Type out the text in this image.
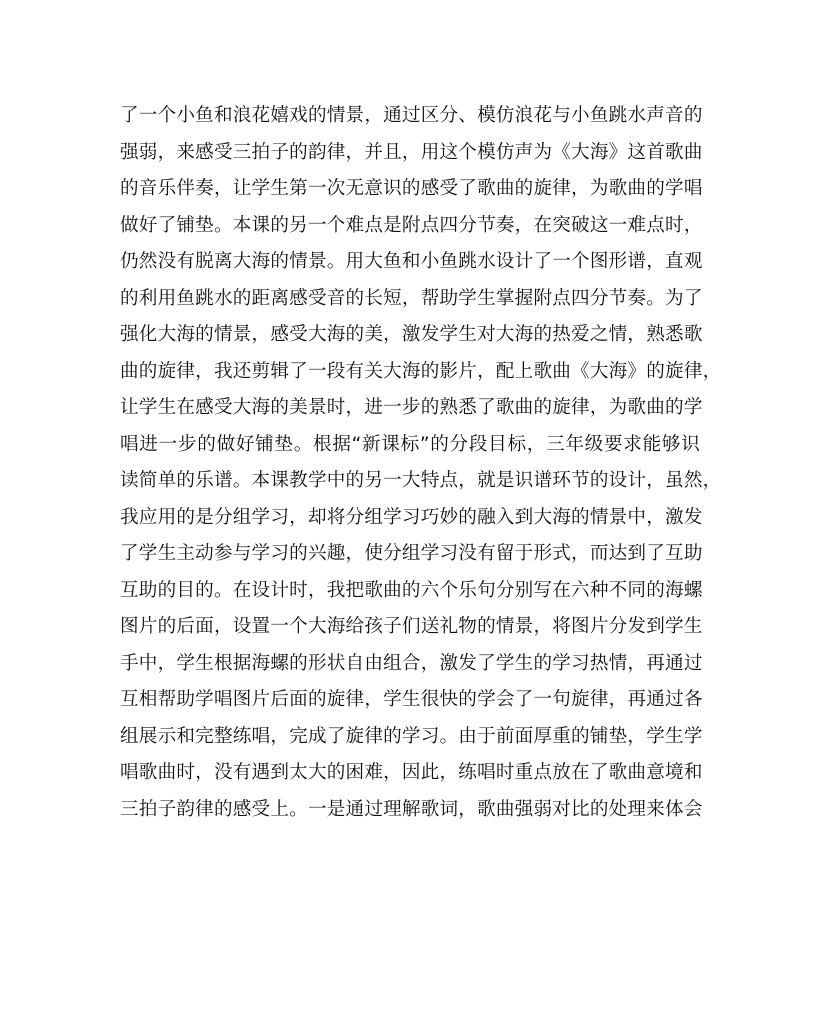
了一个小鱼和浪花嬉戏的情景，通过区分、模仿浪花与小鱼跳水声音的
强弱，来感受三拍子的韵律，并且，用这个模仿声为《大海》这首歌曲
的音乐伴奏，让学生第一次无意识的感受了歌曲的旋律，为歌曲的学唱
做好了铺垫。本课的另一个难点是附点四分节奏，在突破这一难点时，
仍然没有脱离大海的情景。用大鱼和小鱼跳水设计了一个图形谱，直观
的利用鱼跳水的距离感受音的长短，帮助学生掌握附点四分节奏。为了
强化大海的情景，感受大海的美，激发学生对大海的热爱之情，熟悉歌
曲的旋律，我还剪辑了一段有关大海的影片，配上歌曲《大海》的旋律，
让学生在感受大海的美景时，进一步的熟悉了歌曲的旋律，为歌曲的学
唱进一步的做好铺垫。根据“新课标”的分段目标，三年级要求能够识
读简单的乐谱。本课教学中的另一大特点，就是识谱环节的设计，虽然，
我应用的是分组学习，却将分组学习巧妙的融入到大海的情景中，激发
了学生主动参与学习的兴趣，使分组学习没有留于形式，而达到了互助
互助的目的。在设计时，我把歌曲的六个乐句分别写在六种不同的海螺
图片的后面，设置一个大海给孩子们送礼物的情景，将图片分发到学生
手中，学生根据海螺的形状自由组合，激发了学生的学习热情，再通过
互相帮助学唱图片后面的旋律，学生很快的学会了一句旋律，再通过各
组展示和完整练唱，完成了旋律的学习。由于前面厚重的铺垫，学生学
唱歌曲时，没有遇到太大的困难，因此，练唱时重点放在了歌曲意境和
三拍子韵律的感受上。一是通过理解歌词，歌曲强弱对比的处理来体会
